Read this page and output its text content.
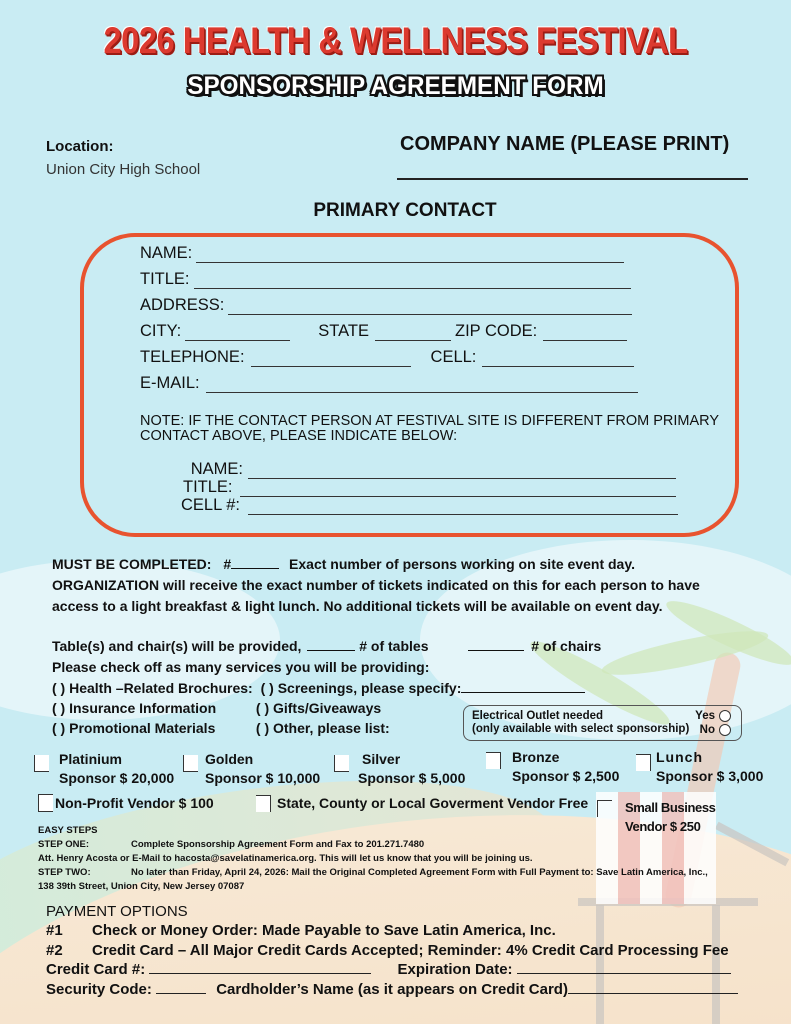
2026 HEALTH & WELLNESS FESTIVAL
SPONSORSHIP AGREEMENT FORM
Location:
Union City High School
COMPANY NAME (PLEASE PRINT)
PRIMARY CONTACT
NAME:
TITLE:
ADDRESS:
CITY:	STATE	ZIP CODE:
TELEPHONE:	CELL:
E-MAIL:
NOTE: IF THE CONTACT PERSON AT FESTIVAL SITE IS DIFFERENT FROM PRIMARY CONTACT ABOVE, PLEASE INDICATE BELOW:
NAME:
TITLE:
CELL #:
MUST BE COMPLETED: #	Exact number of persons working on site event day.
ORGANIZATION will receive the exact number of tickets indicated on this for each person to have
access to a light breakfast & light lunch. No additional tickets will be available on event day.
Table(s) and chair(s) will be provided,	# of tables	# of chairs
Please check off as many services you will be providing:
( ) Health –Related Brochures: ( ) Screenings, please specify:
( ) Insurance Information	( ) Gifts/Giveaways
( ) Promotional Materials	( ) Other, please list:
Electrical Outlet needed
(only available with select sponsorship)
Yes
No
Platinium
Sponsor $ 20,000
Golden
Sponsor $ 10,000
Silver
Sponsor $ 5,000
Bronze
Sponsor $ 2,500
Lunch
Sponsor $ 3,000
Non-Profit Vendor $ 100	State, County or Local Goverment Vendor Free	Small Business
Vendor $ 250
EASY STEPS
STEP ONE:	Complete Sponsorship Agreement Form and Fax to 201.271.7480
Att. Henry Acosta or E-Mail to hacosta@savelatinamerica.org. This will let us know that you will be joining us.
STEP TWO:	No later than Friday, April 24, 2026: Mail the Original Completed Agreement Form with Full Payment to: Save Latin America, Inc.,
138 39th Street, Union City, New Jersey 07087
PAYMENT OPTIONS
#1 Check or Money Order: Made Payable to Save Latin America, Inc.
#2 Credit Card – All Major Credit Cards Accepted; Reminder: 4% Credit Card Processing Fee
Credit Card #:	Expiration Date:
Security Code:	Cardholder’s Name (as it appears on Credit Card)
